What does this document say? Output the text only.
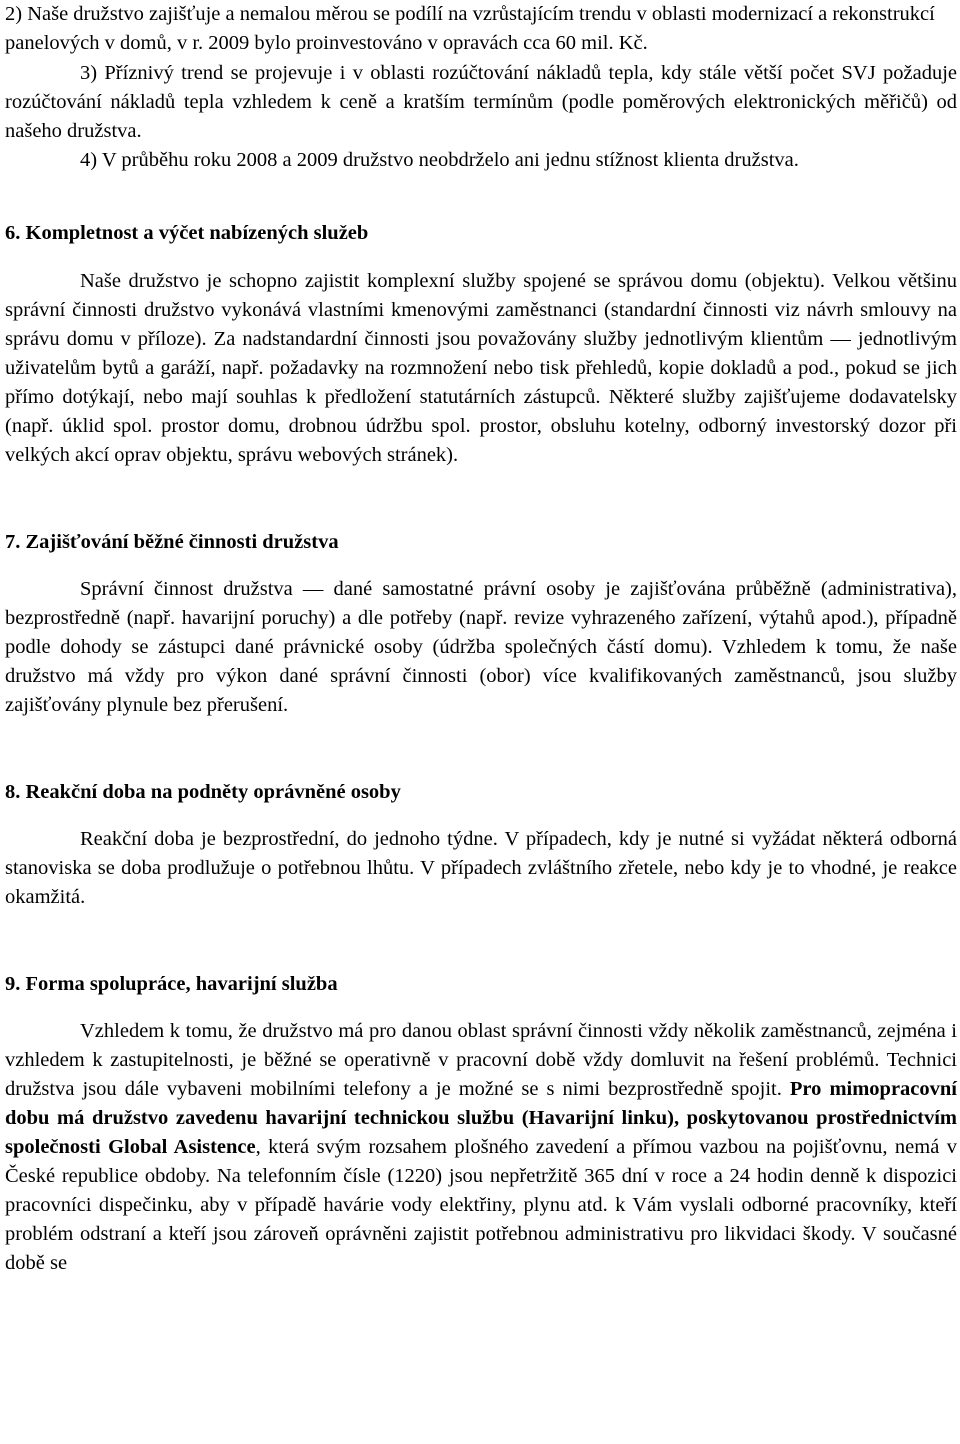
2) Naše družstvo zajišťuje a nemalou měrou se podílí na vzrůstajícím trendu v oblasti modernizací a rekonstrukcí panelových v domů, v r. 2009 bylo proinvestováno v opravách cca 60 mil. Kč.

3) Příznivý trend se projevuje i v oblasti rozúčtování nákladů tepla, kdy stále větší počet SVJ požaduje rozúčtování nákladů tepla vzhledem k ceně a kratším termínům (podle poměrových elektronických měřičů) od našeho družstva.

4) V průběhu roku 2008 a 2009 družstvo neobdrželo ani jednu stížnost klienta družstva.

6. Kompletnost a výčet nabízených služeb

Naše družstvo je schopno zajistit komplexní služby spojené se správou domu (objektu). Velkou většinu správní činnosti družstvo vykonává vlastními kmenovými zaměstnanci (standardní činnosti viz návrh smlouvy na správu domu v příloze). Za nadstandardní činnosti jsou považovány služby jednotlivým klientům — jednotlivým uživatelům bytů a garáží, např. požadavky na rozmnožení nebo tisk přehledů, kopie dokladů a pod., pokud se jich přímo dotýkají, nebo mají souhlas k předložení statutárních zástupců. Některé služby zajišťujeme dodavatelsky (např. úklid spol. prostor domu, drobnou údržbu spol. prostor, obsluhu kotelny, odborný investorský dozor při velkých akcí oprav objektu, správu webových stránek).

7. Zajišťování běžné činnosti družstva

Správní činnost družstva — dané samostatné právní osoby je zajišťována průběžně (administrativa), bezprostředně (např. havarijní poruchy) a dle potřeby (např. revize vyhrazeného zařízení, výtahů apod.), případně podle dohody se zástupci dané právnické osoby (údržba společných částí domu). Vzhledem k tomu, že naše družstvo má vždy pro výkon dané správní činnosti (obor) více kvalifikovaných zaměstnanců, jsou služby zajišťovány plynule bez přerušení.

8. Reakční doba na podněty oprávněné osoby

Reakční doba je bezprostřední, do jednoho týdne. V případech, kdy je nutné si vyžádat některá odborná stanoviska se doba prodlužuje o potřebnou lhůtu. V případech zvláštního zřetele, nebo kdy je to vhodné, je reakce okamžitá.

9. Forma spolupráce, havarijní služba

Vzhledem k tomu, že družstvo má pro danou oblast správní činnosti vždy několik zaměstnanců, zejména i vzhledem k zastupitelnosti, je běžné se operativně v pracovní době vždy domluvit na řešení problémů. Technici družstva jsou dále vybaveni mobilními telefony a je možné se s nimi bezprostředně spojit. Pro mimopracovní dobu má družstvo zavedenu havarijní technickou službu (Havarijní linku), poskytovanou prostřednictvím společnosti Global Asistence, která svým rozsahem plošného zavedení a přímou vazbou na pojišťovnu, nemá v České republice obdoby. Na telefonním čísle (1220) jsou nepřetržitě 365 dní v roce a 24 hodin denně k dispozici pracovníci dispečinku, aby v případě havárie vody elektřiny, plynu atd. k Vám vyslali odborné pracovníky, kteří problém odstraní a kteří jsou zároveň oprávněni zajistit potřebnou administrativu pro likvidaci škody. V současné době se
